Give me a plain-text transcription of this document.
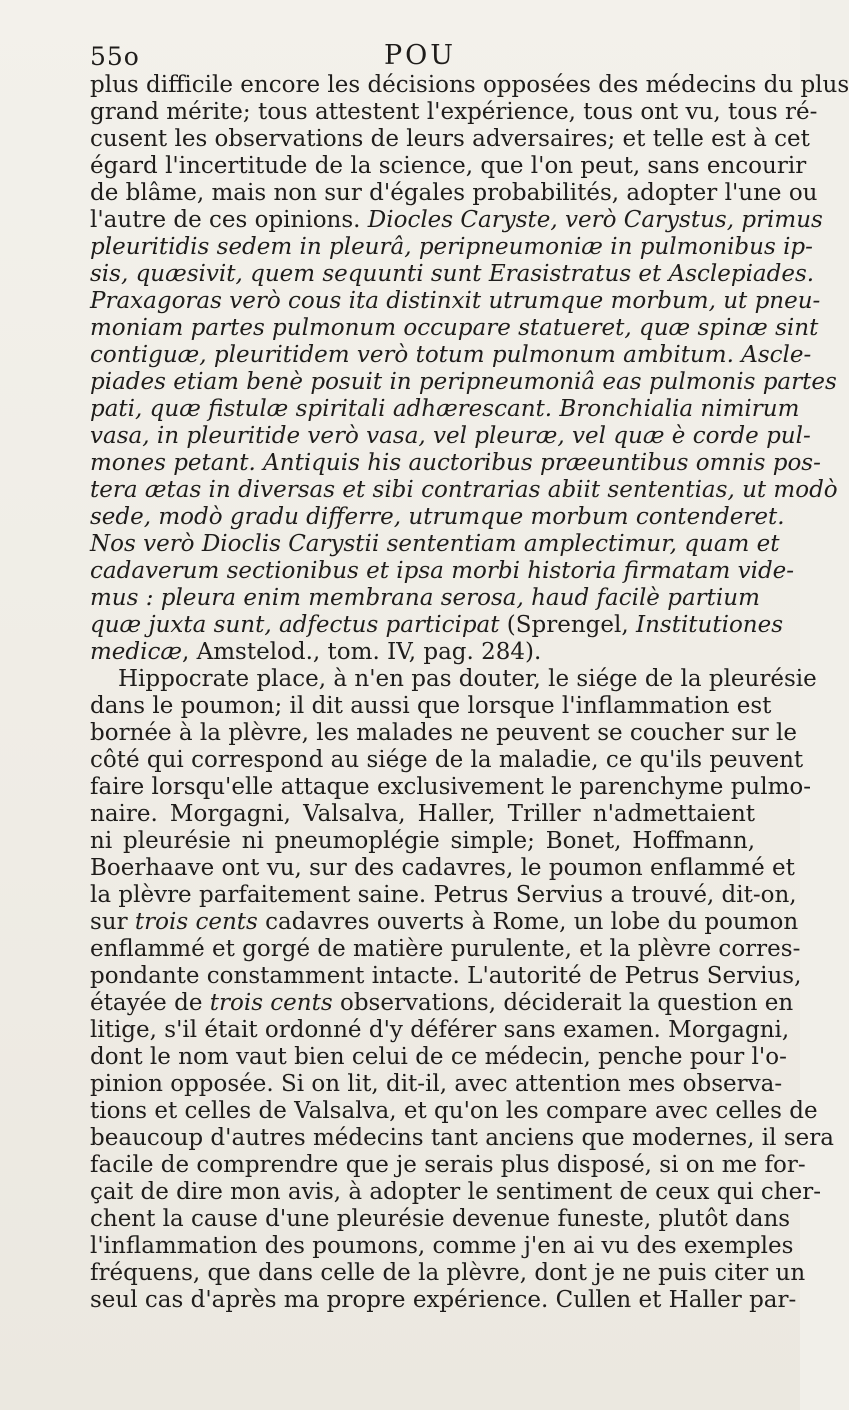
55o	POU
plus difficile encore les décisions opposées des médecins du plus
grand mérite; tous attestent l'expérience, tous ont vu, tous ré-
cusent les observations de leurs adversaires; et telle est à cet
égard l'incertitude de la science, que l'on peut, sans encourir
de blâme, mais non sur d'égales probabilités, adopter l'une ou
l'autre de ces opinions. Diocles Caryste, verò Carystus, primus
pleuritidis sedem in pleurâ, peripneumoniæ in pulmonibus ip-
sis, quæsivit, quem sequunti sunt Erasistratus et Asclepiades.
Praxagoras verò cous ita distinxit utrumque morbum, ut pneu-
moniam partes pulmonum occupare statueret, quæ spinæ sint
contiguæ, pleuritidem verò totum pulmonum ambitum. Ascle-
piades etiam benè posuit in peripneumoniâ eas pulmonis partes
pati, quæ fistulæ spiritali adhærescant. Bronchialia nimirum
vasa, in pleuritide verò vasa, vel pleuræ, vel quæ è corde pul-
mones petant. Antiquis his auctoribus præeuntibus omnis pos-
tera ætas in diversas et sibi contrarias abiit sententias, ut modò
sede, modò gradu differre, utrumque morbum contenderet.
Nos verò Dioclis Carystii sententiam amplectimur, quam et
cadaverum sectionibus et ipsa morbi historia firmatam vide-
mus : pleura enim membrana serosa, haud facilè partium
quæ juxta sunt, adfectus participat (Sprengel, Institutiones
medicæ, Amstelod., tom. IV, pag. 284).
Hippocrate place, à n'en pas douter, le siége de la pleurésie
dans le poumon; il dit aussi que lorsque l'inflammation est
bornée à la plèvre, les malades ne peuvent se coucher sur le
côté qui correspond au siége de la maladie, ce qu'ils peuvent
faire lorsqu'elle attaque exclusivement le parenchyme pulmo-
naire. Morgagni, Valsalva, Haller, Triller n'admettaient
ni pleurésie ni pneumoplégie simple; Bonet, Hoffmann,
Boerhaave ont vu, sur des cadavres, le poumon enflammé et
la plèvre parfaitement saine. Petrus Servius a trouvé, dit-on,
sur trois cents cadavres ouverts à Rome, un lobe du poumon
enflammé et gorgé de matière purulente, et la plèvre corres-
pondante constamment intacte. L'autorité de Petrus Servius,
étayée de trois cents observations, déciderait la question en
litige, s'il était ordonné d'y déférer sans examen. Morgagni,
dont le nom vaut bien celui de ce médecin, penche pour l'o-
pinion opposée. Si on lit, dit-il, avec attention mes observa-
tions et celles de Valsalva, et qu'on les compare avec celles de
beaucoup d'autres médecins tant anciens que modernes, il sera
facile de comprendre que je serais plus disposé, si on me for-
çait de dire mon avis, à adopter le sentiment de ceux qui cher-
chent la cause d'une pleurésie devenue funeste, plutôt dans
l'inflammation des poumons, comme j'en ai vu des exemples
fréquens, que dans celle de la plèvre, dont je ne puis citer un
seul cas d'après ma propre expérience. Cullen et Haller par-
